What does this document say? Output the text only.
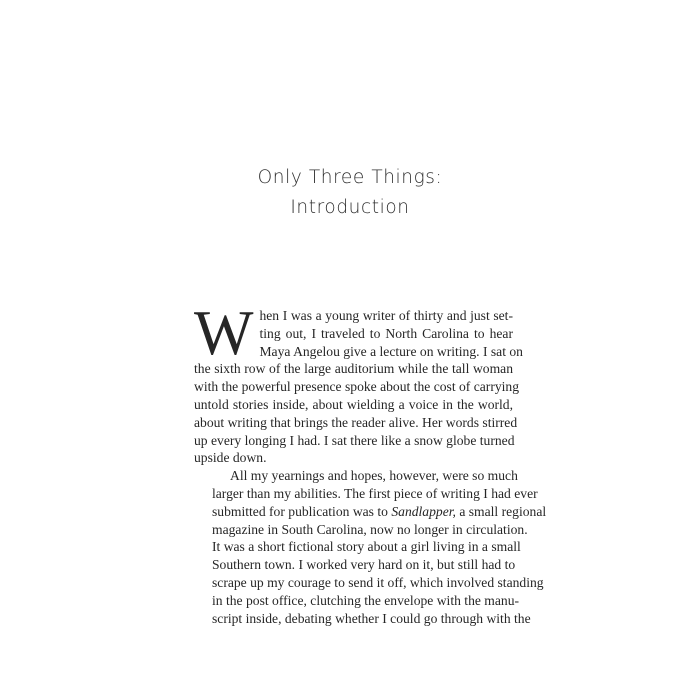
Only Three Things:
Introduction
W hen I was a young writer of thirty and just set-
ting out, I traveled to North Carolina to hear
Maya Angelou give a lecture on writing. I sat on
the sixth row of the large auditorium while the tall woman
with the powerful presence spoke about the cost of carrying
untold stories inside, about wielding a voice in the world,
about writing that brings the reader alive. Her words stirred
up every longing I had. I sat there like a snow globe turned
upside down.
All my yearnings and hopes, however, were so much
larger than my abilities. The first piece of writing I had ever
submitted for publication was to Sandlapper, a small regional
magazine in South Carolina, now no longer in circulation.
It was a short fictional story about a girl living in a small
Southern town. I worked very hard on it, but still had to
scrape up my courage to send it off, which involved standing
in the post office, clutching the envelope with the manu-
script inside, debating whether I could go through with the
